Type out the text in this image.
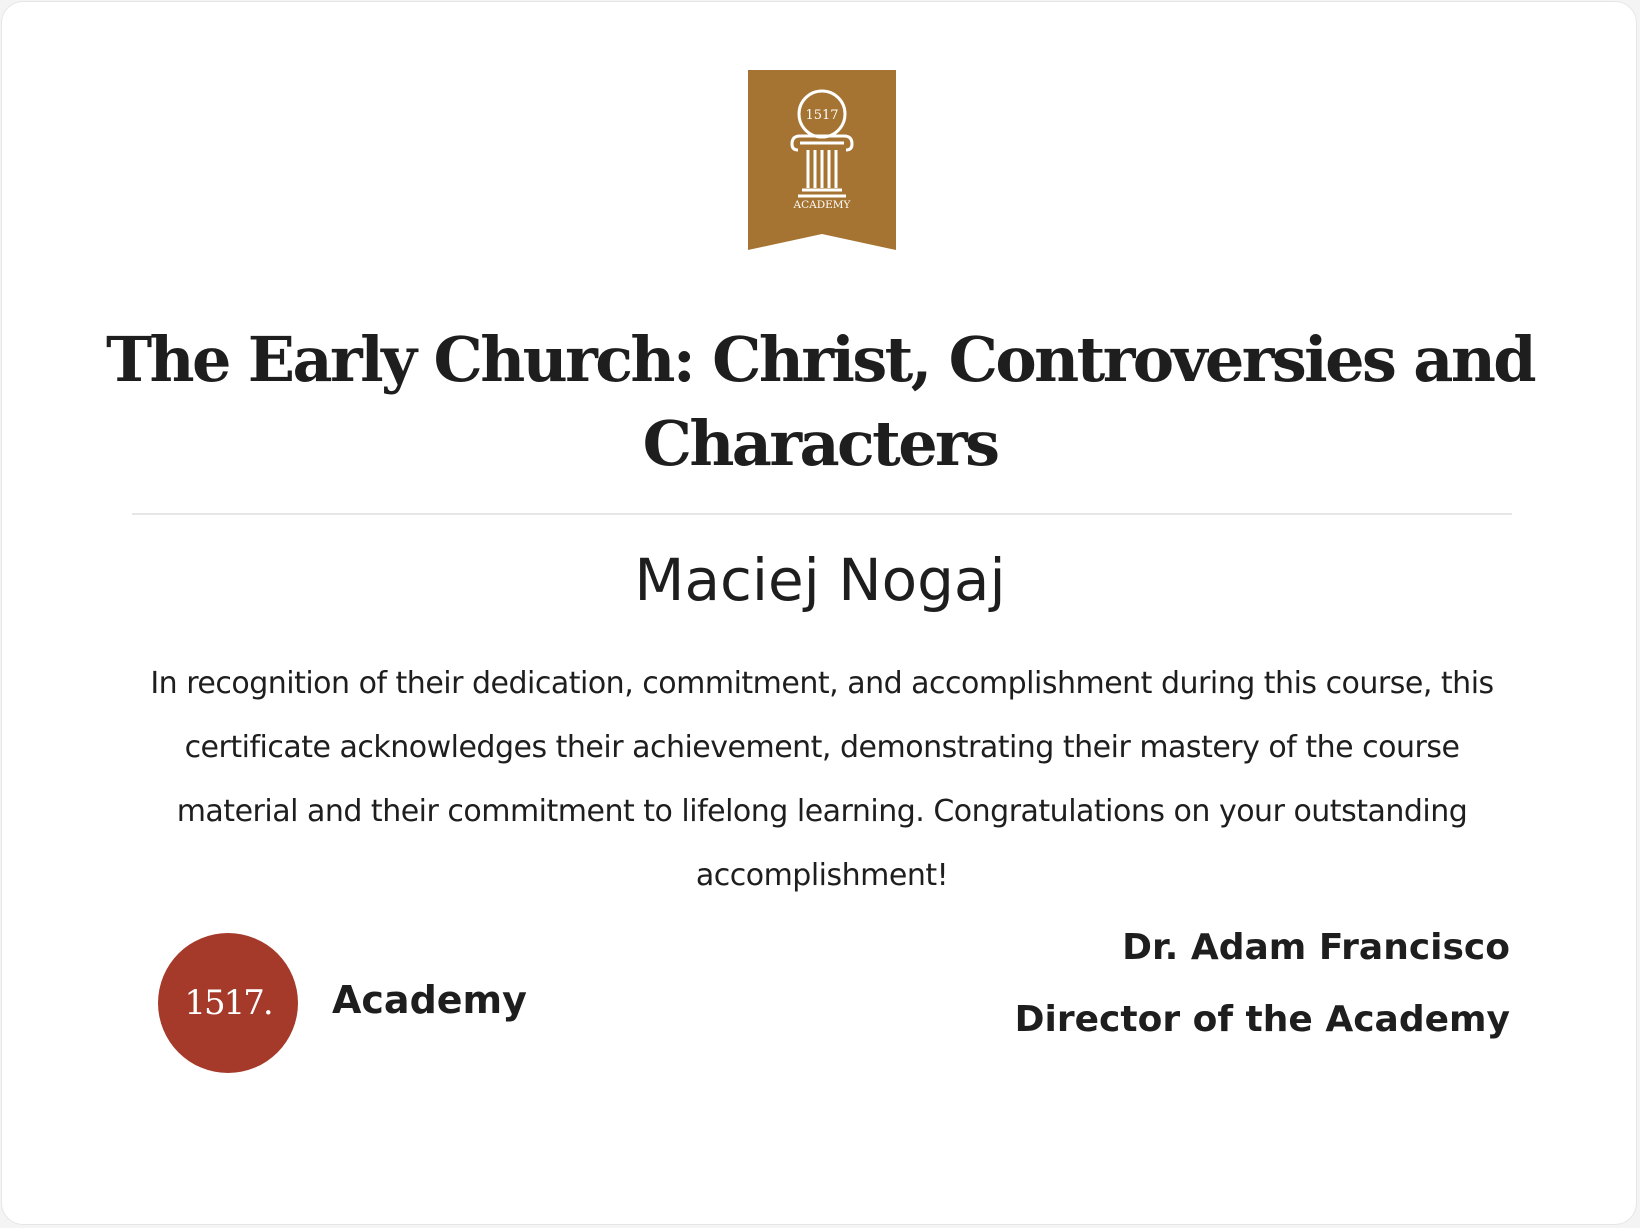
1517
ACADEMY
The Early Church: Christ, Controversies and Characters
Maciej Nogaj

In recognition of their dedication, commitment, and accomplishment during this course, this certificate acknowledges their achievement, demonstrating their mastery of the course material and their commitment to lifelong learning. Congratulations on your outstanding accomplishment!

1517.	Academy
Dr. Adam Francisco
Director of the Academy
